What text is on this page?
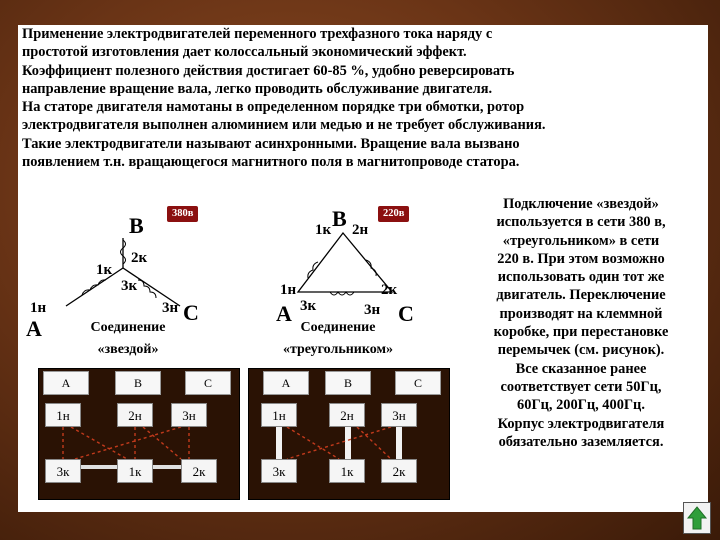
Применение электродвигателей переменного трехфазного тока наряду с

простотой изготовления дает колоссальный экономический эффект.

Коэффициент полезного действия достигает 60-85 %, удобно реверсировать

направление вращение вала, легко проводить обслуживание двигателя.

На статоре двигателя намотаны в определенном порядке три обмотки, ротор

электродвигателя выполнен алюминием или медью и не требует обслуживания.

Такие электродвигатели называют асинхронными. Вращение вала вызвано

появлением т.н. вращающегося магнитного поля в магнитопроводе статора.

Подключение «звездой»

используется в сети 380 в,

«треугольником» в сети

220 в. При этом возможно

использовать один тот же

двигатель. Переключение

производят на клеммной

коробке, при перестановке

перемычек (см. рисунок).

Все сказанное ранее

соответствует сети 50Гц,

60Гц, 200Гц, 400Гц.

Корпус электродвигателя

обязательно заземляется.

В	380в
1к
2к
3к
1н	3н С
А	Соединение
«звездой»
В	220в
1к 2н
1н	2к
А 3к	3н С
Соединение
«треугольником»
А	В	С
1н	2н	3н
3к	1к	2к
А	В	С
1н	2н	3н
3к	1к	2к
